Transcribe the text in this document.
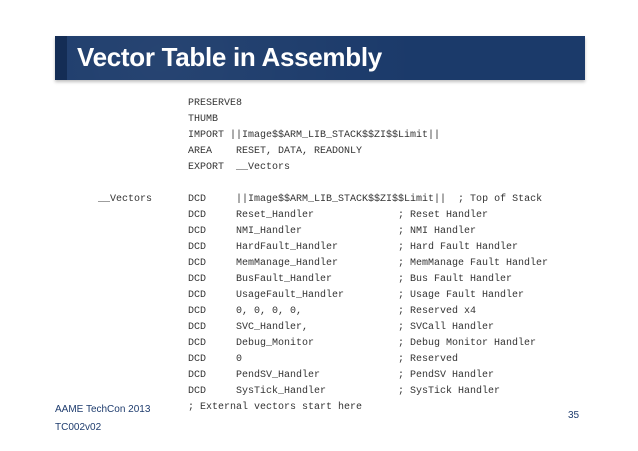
Vector Table in Assembly
PRESERVE8
THUMB
IMPORT ||Image$$ARM_LIB_STACK$$ZI$$Limit||
AREA    RESET, DATA, READONLY
EXPORT  __Vectors
__Vectors      DCD     ||Image$$ARM_LIB_STACK$$ZI$$Limit||  ; Top of Stack
DCD     Reset_Handler              ; Reset Handler
DCD     NMI_Handler                ; NMI Handler
DCD     HardFault_Handler          ; Hard Fault Handler
DCD     MemManage_Handler          ; MemManage Fault Handler
DCD     BusFault_Handler           ; Bus Fault Handler
DCD     UsageFault_Handler         ; Usage Fault Handler
DCD     0, 0, 0, 0,                ; Reserved x4
DCD     SVC_Handler,               ; SVCall Handler
DCD     Debug_Monitor              ; Debug Monitor Handler
DCD     0                          ; Reserved
DCD     PendSV_Handler             ; PendSV Handler
DCD     SysTick_Handler            ; SysTick Handler
; External vectors start here
AAME TechCon 2013
TC002v02
35
